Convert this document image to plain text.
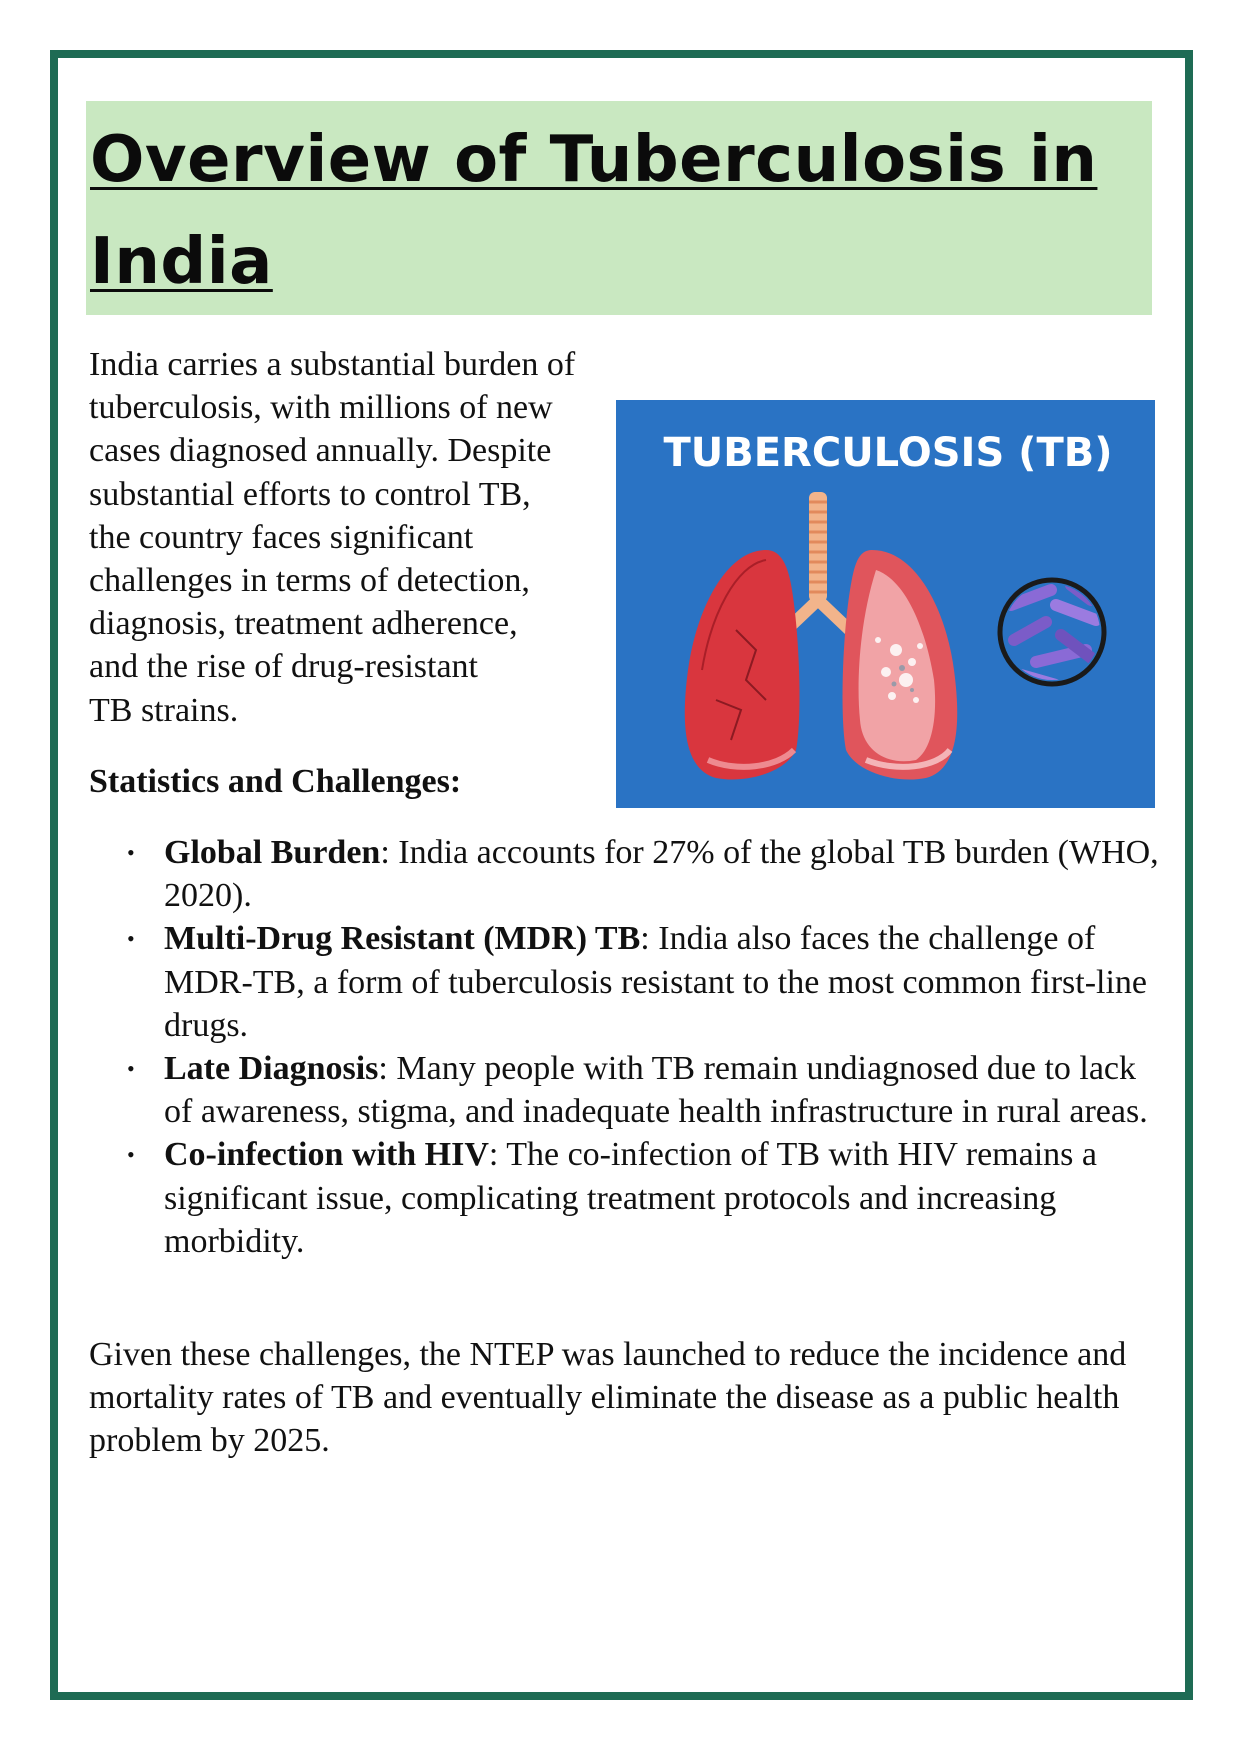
Overview of Tuberculosis in
India

India carries a substantial burden of
tuberculosis, with millions of new
cases diagnosed annually. Despite
substantial efforts to control TB,
the country faces significant
challenges in terms of detection,
diagnosis, treatment adherence,
and the rise of drug-resistant
TB strains.

TUBERCULOSIS (TB)

Statistics and Challenges:

• Global Burden: India accounts for 27% of the global TB burden (WHO, 2020).
• Multi-Drug Resistant (MDR) TB: India also faces the challenge of MDR-TB, a form of tuberculosis resistant to the most common first-line drugs.
• Late Diagnosis: Many people with TB remain undiagnosed due to lack of awareness, stigma, and inadequate health infrastructure in rural areas.
• Co-infection with HIV: The co-infection of TB with HIV remains a significant issue, complicating treatment protocols and increasing morbidity.

Given these challenges, the NTEP was launched to reduce the incidence and mortality rates of TB and eventually eliminate the disease as a public health problem by 2025.
